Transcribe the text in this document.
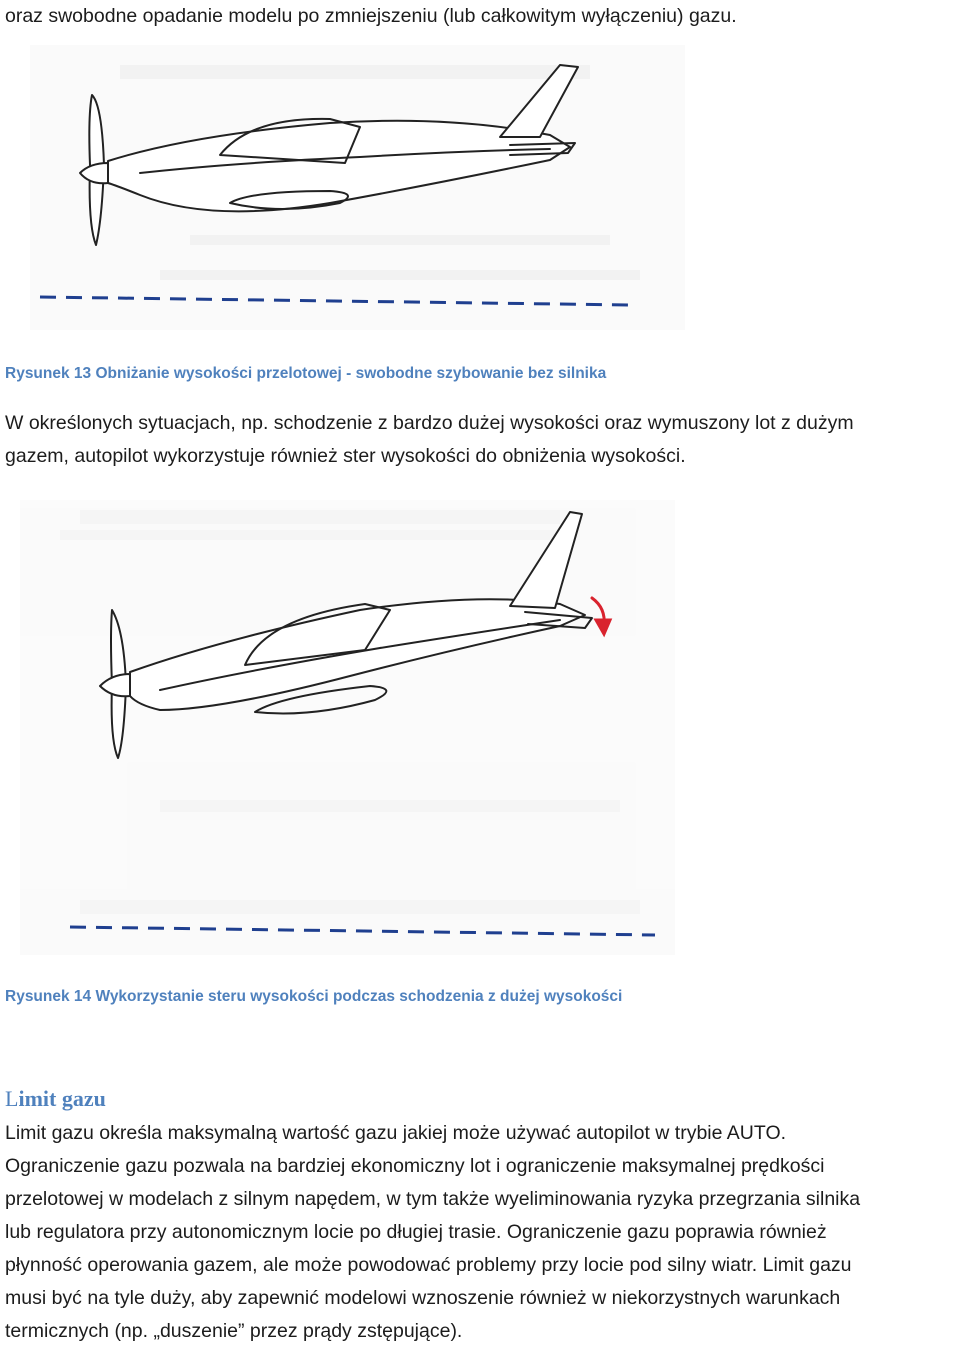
oraz swobodne opadanie modelu po zmniejszeniu (lub całkowitym wyłączeniu) gazu.
Rysunek 13 Obniżanie wysokości przelotowej - swobodne szybowanie bez silnika
W określonych sytuacjach, np. schodzenie z bardzo dużej wysokości oraz wymuszony lot z dużym
gazem, autopilot wykorzystuje również ster wysokości do obniżenia wysokości.
Rysunek 14 Wykorzystanie steru wysokości podczas schodzenia z dużej wysokości
Limit gazu
Limit gazu określa maksymalną wartość gazu jakiej może używać autopilot w trybie AUTO.
Ograniczenie gazu pozwala na bardziej ekonomiczny lot i ograniczenie maksymalnej prędkości
przelotowej w modelach z silnym napędem, w tym także wyeliminowania ryzyka przegrzania silnika
lub regulatora przy autonomicznym locie po długiej trasie. Ograniczenie gazu poprawia również
płynność operowania gazem, ale może powodować problemy przy locie pod silny wiatr. Limit gazu
musi być na tyle duży, aby zapewnić modelowi wznoszenie również w niekorzystnych warunkach
termicznych (np. „duszenie” przez prądy zstępujące).
